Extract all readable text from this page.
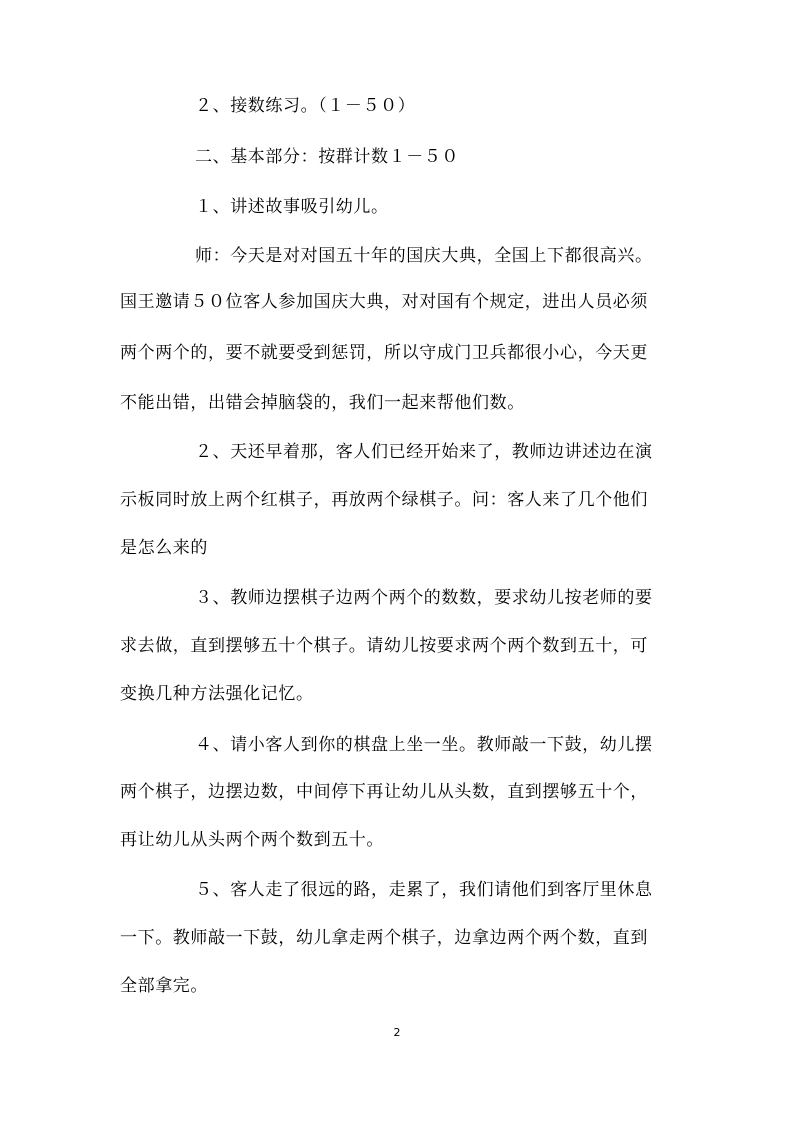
２、接数练习。（１－５０）
二、基本部分：按群计数１－５０
１、讲述故事吸引幼儿。
师：今天是对对国五十年的国庆大典，全国上下都很高兴。
国王邀请５０位客人参加国庆大典，对对国有个规定，进出人员必须
两个两个的，要不就要受到惩罚，所以守成门卫兵都很小心，今天更
不能出错，出错会掉脑袋的，我们一起来帮他们数。
２、天还早着那，客人们已经开始来了，教师边讲述边在演
示板同时放上两个红棋子，再放两个绿棋子。问：客人来了几个他们
是怎么来的
３、教师边摆棋子边两个两个的数数，要求幼儿按老师的要
求去做，直到摆够五十个棋子。请幼儿按要求两个两个数到五十，可
变换几种方法强化记忆。
４、请小客人到你的棋盘上坐一坐。教师敲一下鼓，幼儿摆
两个棋子，边摆边数，中间停下再让幼儿从头数，直到摆够五十个，
再让幼儿从头两个两个数到五十。
５、客人走了很远的路，走累了，我们请他们到客厅里休息
一下。教师敲一下鼓，幼儿拿走两个棋子，边拿边两个两个数，直到
全部拿完。
2
